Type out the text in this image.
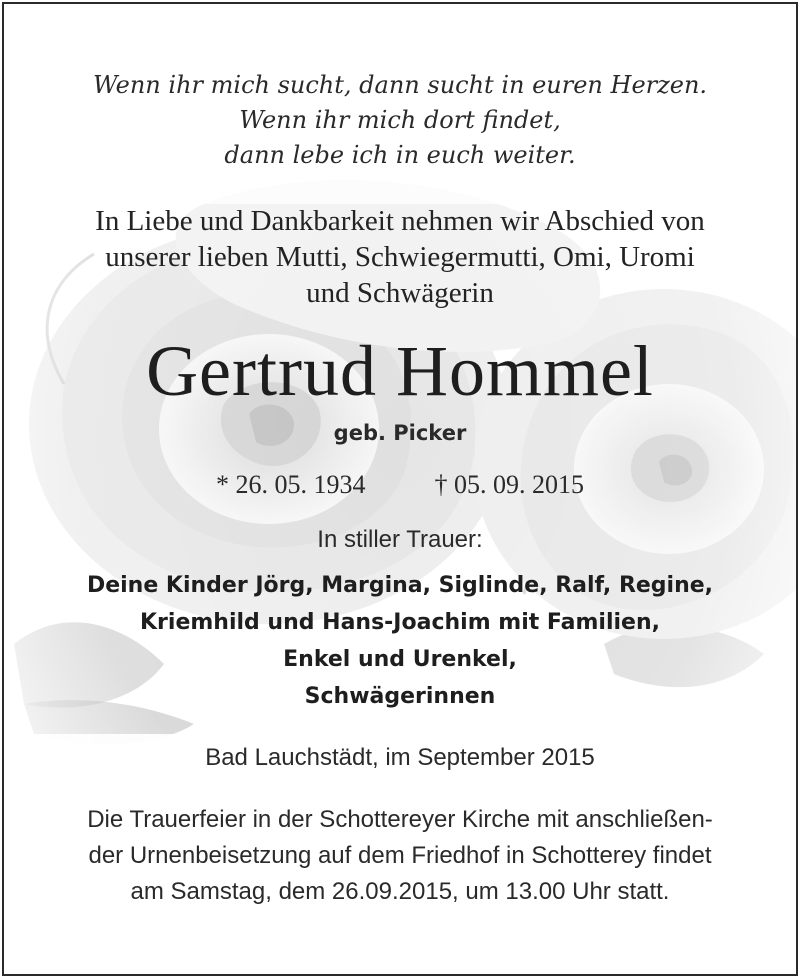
Wenn ihr mich sucht, dann sucht in euren Herzen.
Wenn ihr mich dort findet,
dann lebe ich in euch weiter.
In Liebe und Dankbarkeit nehmen wir Abschied von
unserer lieben Mutti, Schwiegermutti, Omi, Uromi
und Schwägerin
Gertrud Hommel
geb. Picker
* 26. 05. 1934	† 05. 09. 2015
In stiller Trauer:
Deine Kinder Jörg, Margina, Siglinde, Ralf, Regine,
Kriemhild und Hans-Joachim mit Familien,
Enkel und Urenkel,
Schwägerinnen
Bad Lauchstädt, im September 2015
Die Trauerfeier in der Schottereyer Kirche mit anschließen-
der Urnenbeisetzung auf dem Friedhof in Schotterey findet
am Samstag, dem 26.09.2015, um 13.00 Uhr statt.
